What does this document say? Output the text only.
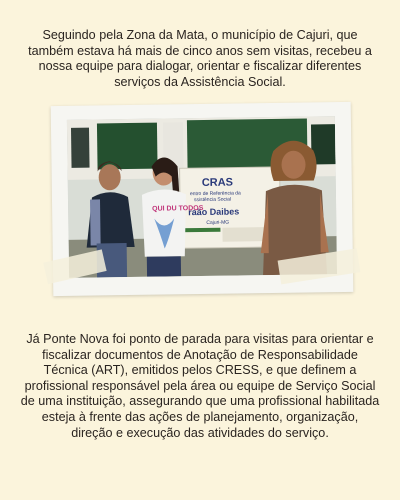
Seguindo pela Zona da Mata, o município de Cajuri, que também estava há mais de cinco anos sem visitas, recebeu a nossa equipe para dialogar, orientar e fiscalizar diferentes serviços da Assistência Social.
CRAS
entro de Referência da
ssistência Social
raão Daibes
Cajuri-MG
QUI DU TODOS
Já Ponte Nova foi ponto de parada para visitas para orientar e fiscalizar documentos de Anotação de Responsabilidade Técnica (ART), emitidos pelos CRESS, e que definem a profissional responsável pela área ou equipe de Serviço Social de uma instituição, assegurando que uma profissional habilitada esteja à frente das ações de planejamento, organização, direção e execução das atividades do serviço.
